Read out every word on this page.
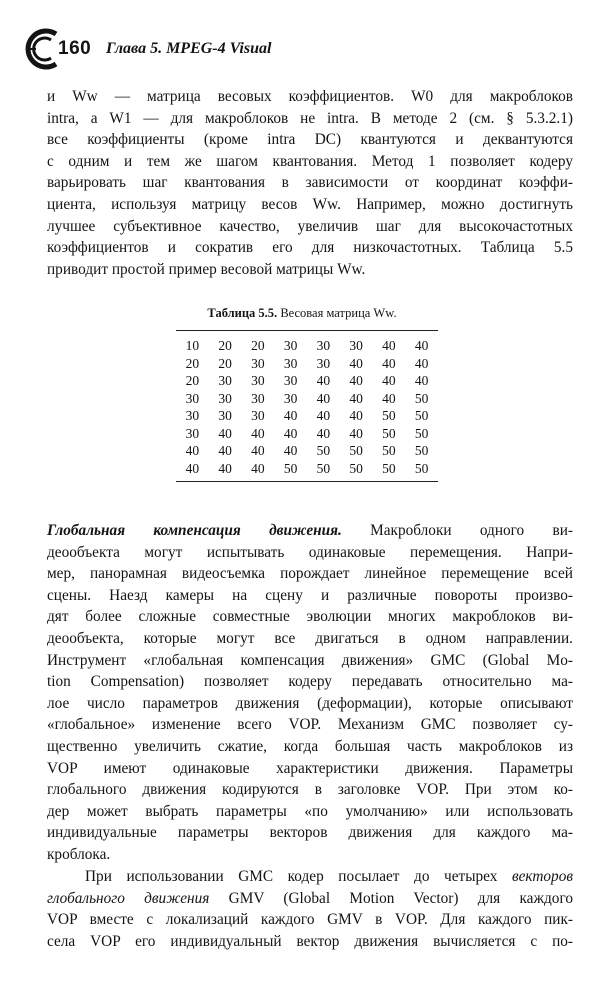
160 Глава 5. MPEG-4 Visual
и Ww — матрица весовых коэффициентов. W0 для макроблоков
intra, а W1 — для макроблоков не intra. В методе 2 (см. § 5.3.2.1)
все коэффициенты (кроме intra DC) квантуются и деквантуются
с одним и тем же шагом квантования. Метод 1 позволяет кодеру
варьировать шаг квантования в зависимости от координат коэффи-
циента, используя матрицу весов Ww. Например, можно достигнуть
лучшее субъективное качество, увеличив шаг для высокочастотных
коэффициентов и сократив его для низкочастотных. Таблица 5.5
приводит простой пример весовой матрицы Ww.
Таблица 5.5. Весовая матрица Ww.
10	20	20	30	30	30	40	40
20	20	30	30	30	40	40	40
20	30	30	30	40	40	40	40
30	30	30	30	40	40	40	50
30	30	30	40	40	40	50	50
30	40	40	40	40	40	50	50
40	40	40	40	50	50	50	50
40	40	40	50	50	50	50	50
Глобальная компенсация движения. Макроблоки одного ви-
деообъекта могут испытывать одинаковые перемещения. Напри-
мер, панорамная видеосъемка порождает линейное перемещение всей
сцены. Наезд камеры на сцену и различные повороты произво-
дят более сложные совместные эволюции многих макроблоков ви-
деообъекта, которые могут все двигаться в одном направлении.
Инструмент «глобальная компенсация движения» GMC (Global Mo-
tion Compensation) позволяет кодеру передавать относительно ма-
лое число параметров движения (деформации), которые описывают
«глобальное» изменение всего VOP. Механизм GMC позволяет су-
щественно увеличить сжатие, когда большая часть макроблоков из
VOP имеют одинаковые характеристики движения. Параметры
глобального движения кодируются в заголовке VOP. При этом ко-
дер может выбрать параметры «по умолчанию» или использовать
индивидуальные параметры векторов движения для каждого ма-
кроблока.
При использовании GMC кодер посылает до четырех векторов
глобального движения GMV (Global Motion Vector) для каждого
VOP вместе с локализаций каждого GMV в VOP. Для каждого пик-
села VOP его индивидуальный вектор движения вычисляется с по-
